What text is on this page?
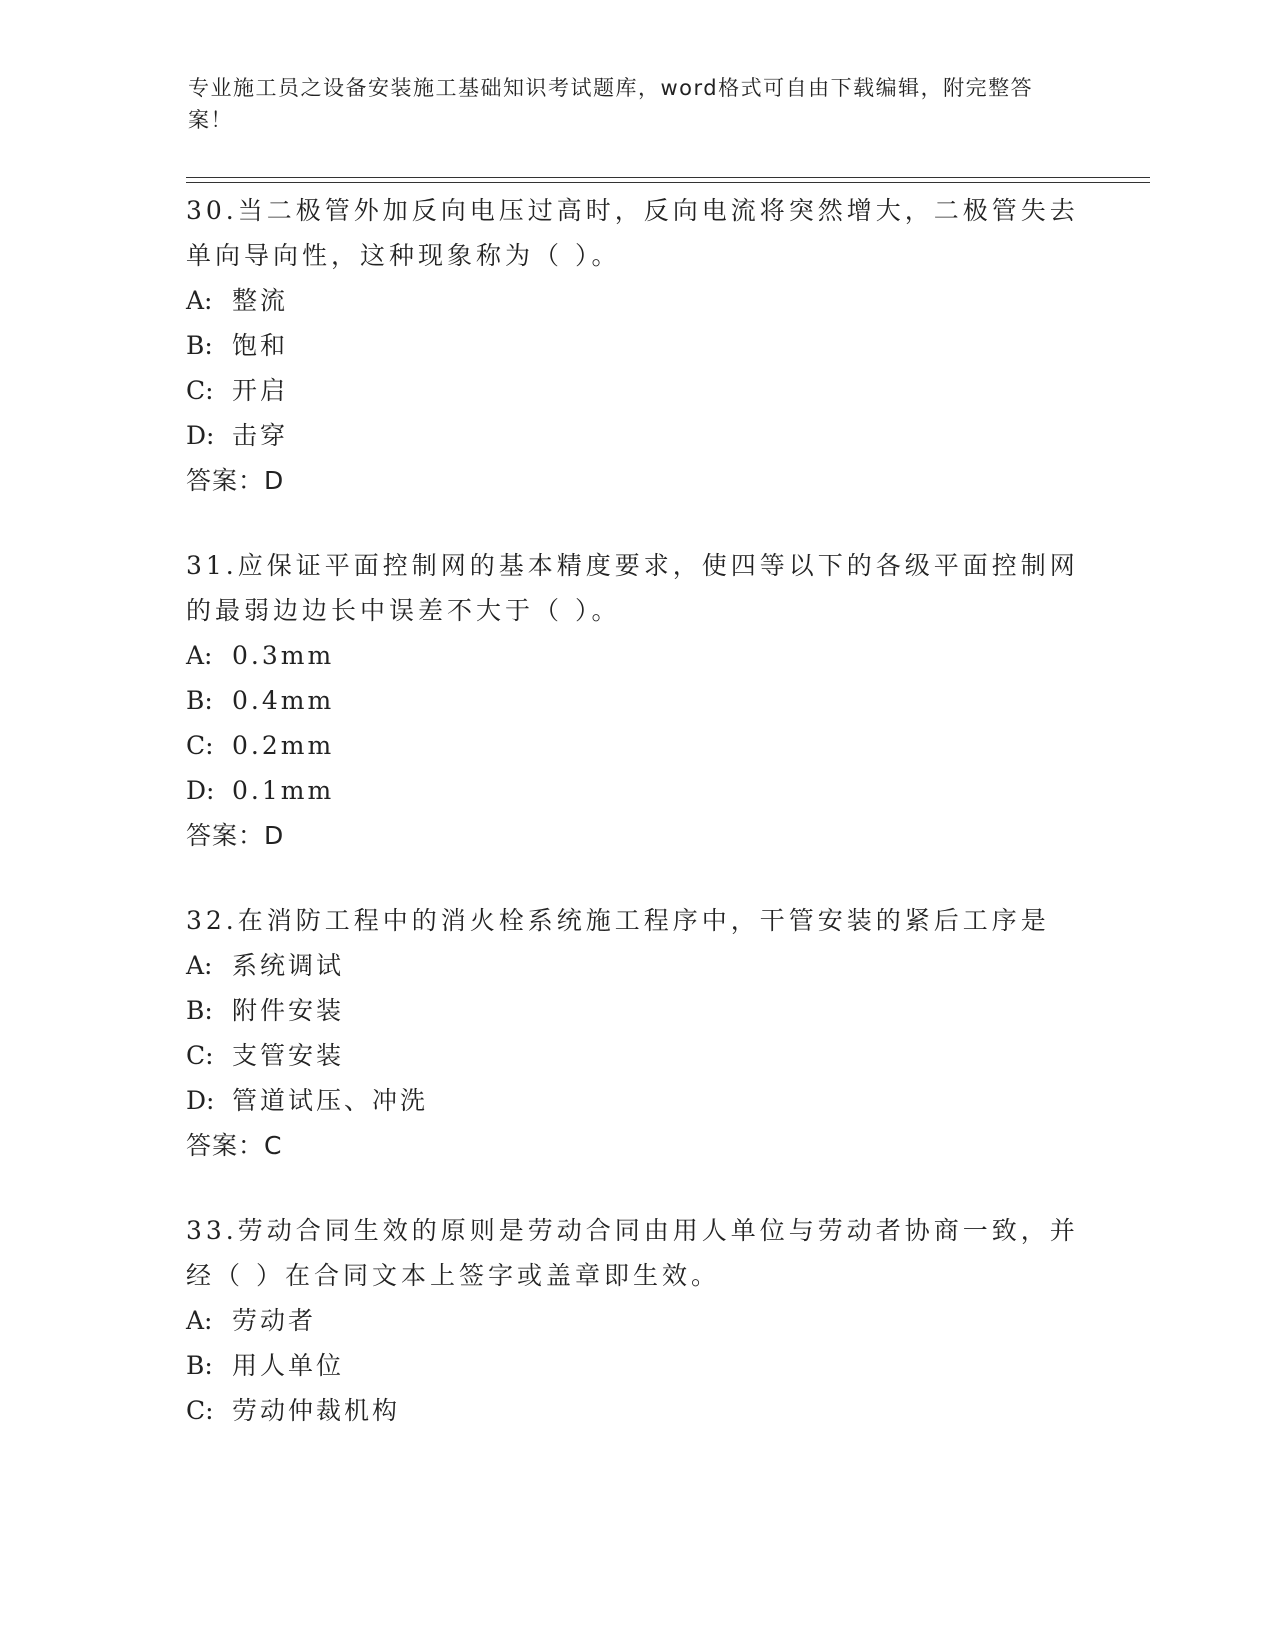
专业施工员之设备安装施工基础知识考试题库，word格式可自由下载编辑，附完整答案！
30.当二极管外加反向电压过高时，反向电流将突然增大，二极管失去单向导向性，这种现象称为（ ）。
A: 整流
B: 饱和
C: 开启
D: 击穿
答案：D
31.应保证平面控制网的基本精度要求，使四等以下的各级平面控制网的最弱边边长中误差不大于（ ）。
A: 0.3mm
B: 0.4mm
C: 0.2mm
D: 0.1mm
答案：D
32.在消防工程中的消火栓系统施工程序中，干管安装的紧后工序是
A: 系统调试
B: 附件安装
C: 支管安装
D: 管道试压、冲洗
答案：C
33.劳动合同生效的原则是劳动合同由用人单位与劳动者协商一致，并经（ ）在合同文本上签字或盖章即生效。
A: 劳动者
B: 用人单位
C: 劳动仲裁机构
